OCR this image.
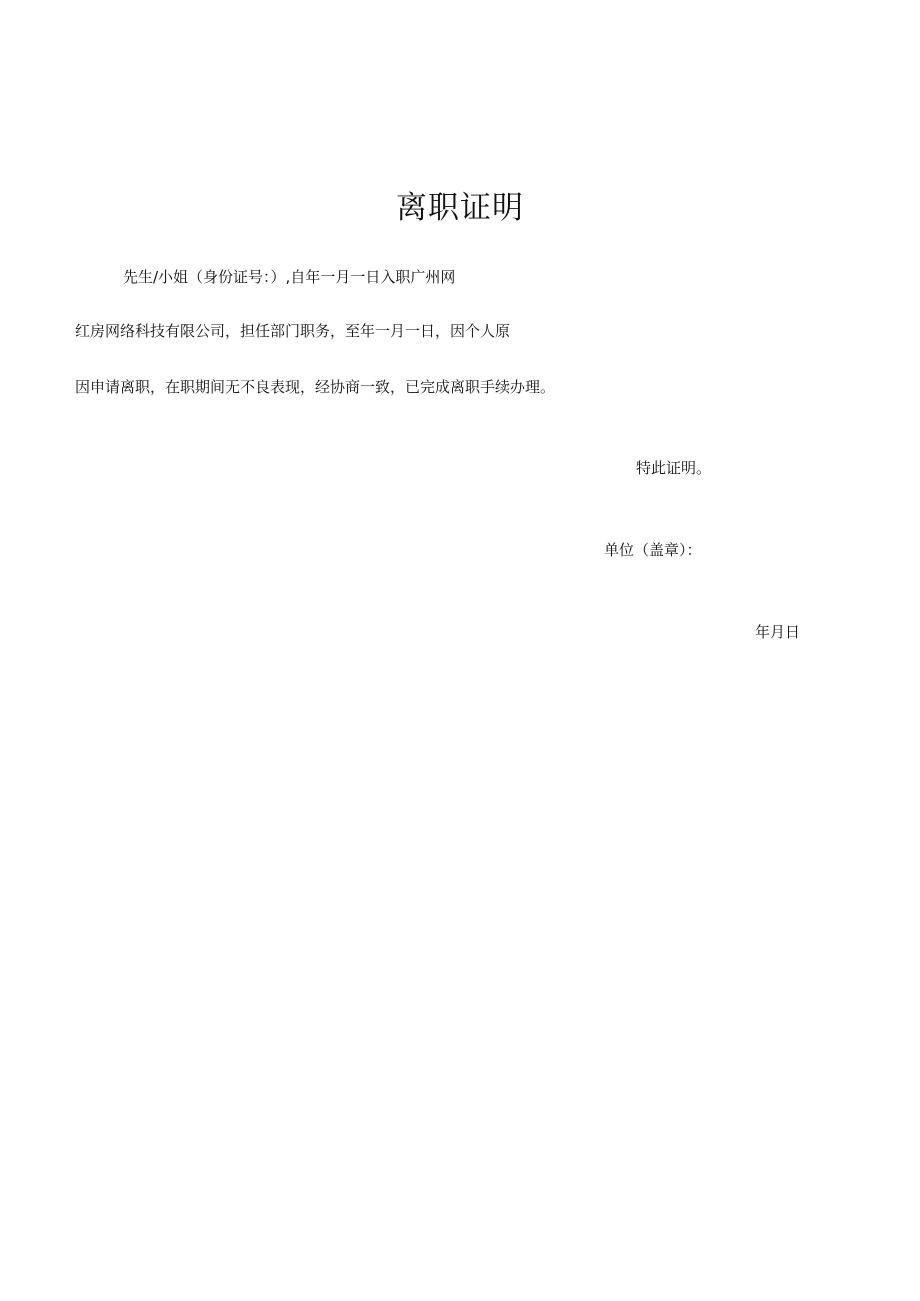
离职证明
先生/小姐（身份证号：）,自年一月一日入职广州网
红房网络科技有限公司，担任部门职务，至年一月一日，因个人原
因申请离职，在职期间无不良表现，经协商一致，已完成离职手续办理。
特此证明。
单位（盖章）：
年月日
